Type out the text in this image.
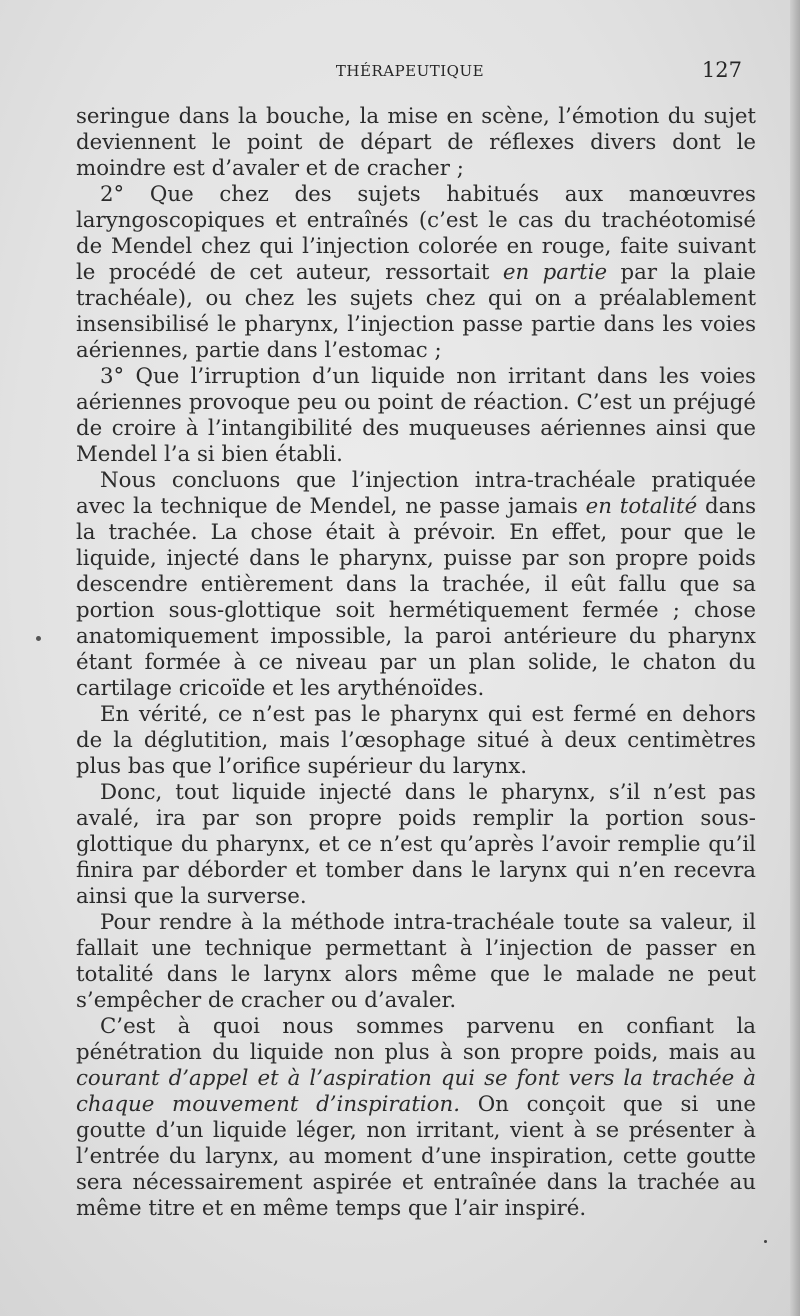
THÉRAPEUTIQUE	127

seringue dans la bouche, la mise en scène, l’émotion du sujet deviennent le point de départ de réflexes divers dont le moindre est d’avaler et de cracher ;

2° Que chez des sujets habitués aux manœuvres laryngoscopiques et entraînés (c’est le cas du trachéotomisé de Mendel chez qui l’injection colorée en rouge, faite suivant le procédé de cet auteur, ressortait en partie par la plaie trachéale), ou chez les sujets chez qui on a préalablement insensibilisé le pharynx, l’injection passe partie dans les voies aériennes, partie dans l’estomac ;

3° Que l’irruption d’un liquide non irritant dans les voies aériennes provoque peu ou point de réaction. C’est un préjugé de croire à l’intangibilité des muqueuses aériennes ainsi que Mendel l’a si bien établi.

Nous concluons que l’injection intra-trachéale pratiquée avec la technique de Mendel, ne passe jamais en totalité dans la trachée. La chose était à prévoir. En effet, pour que le liquide, injecté dans le pharynx, puisse par son propre poids descendre entièrement dans la trachée, il eût fallu que sa portion sous-glottique soit hermétiquement fermée ; chose anatomiquement impossible, la paroi antérieure du pharynx étant formée à ce niveau par un plan solide, le chaton du cartilage cricoïde et les arythénoïdes.

En vérité, ce n’est pas le pharynx qui est fermé en dehors de la déglutition, mais l’œsophage situé à deux centimètres plus bas que l’orifice supérieur du larynx.

Donc, tout liquide injecté dans le pharynx, s’il n’est pas avalé, ira par son propre poids remplir la portion sous-glottique du pharynx, et ce n’est qu’après l’avoir remplie qu’il finira par déborder et tomber dans le larynx qui n’en recevra ainsi que la surverse.

Pour rendre à la méthode intra-trachéale toute sa valeur, il fallait une technique permettant à l’injection de passer en totalité dans le larynx alors même que le malade ne peut s’empêcher de cracher ou d’avaler.

C’est à quoi nous sommes parvenu en confiant la pénétration du liquide non plus à son propre poids, mais au courant d’appel et à l’aspiration qui se font vers la trachée à chaque mouvement d’inspiration. On conçoit que si une goutte d’un liquide léger, non irritant, vient à se présenter à l’entrée du larynx, au moment d’une inspiration, cette goutte sera nécessairement aspirée et entraînée dans la trachée au même titre et en même temps que l’air inspiré.
